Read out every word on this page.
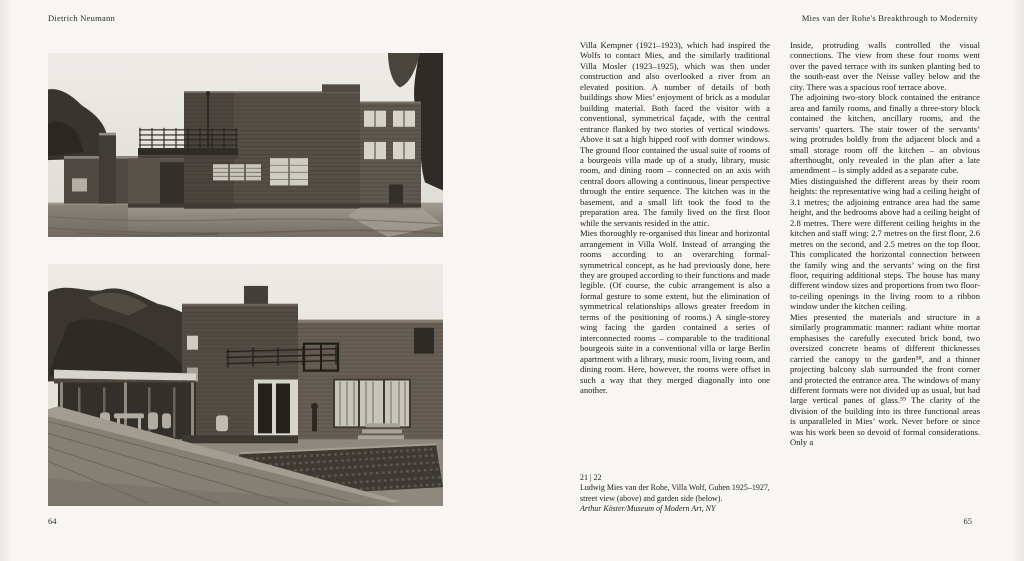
Dietrich Neumann	Mies van der Rohe's Breakthrough to Modernity

Villa Kempner (1921–1923), which had inspired the Wolfs to contact Mies, and the similarly traditional Villa Mosler (1923–1925), which was then under construction and also overlooked a river from an elevated position. A number of details of both buildings show Mies’ enjoyment of brick as a modular building material. Both faced the visitor with a conventional, symmetrical façade, with the central entrance flanked by two stories of vertical windows. Above it sat a high hipped roof with dormer windows. The ground floor contained the usual suite of rooms of a bourgeois villa made up of a study, library, music room, and dining room – connected on an axis with central doors allowing a continuous, linear perspective through the entire sequence. The kitchen was in the basement, and a small lift took the food to the preparation area. The family lived on the first floor while the servants resided in the attic.

Mies thoroughly re-organised this linear and horizontal arrangement in Villa Wolf. Instead of arranging the rooms according to an overarching formal-symmetrical concept, as he had previously done, here they are grouped according to their functions and made legible. (Of course, the cubic arrangement is also a formal gesture to some extent, but the elimination of symmetrical relationships allows greater freedom in terms of the positioning of rooms.) A single-storey wing facing the garden contained a series of interconnected rooms – comparable to the traditional bourgeois suite in a conventional villa or large Berlin apartment with a library, music room, living room, and dining room. Here, however, the rooms were offset in such a way that they merged diagonally into one another.

21 | 22
Ludwig Mies van der Rohe, Villa Wolf, Guben 1925–1927, street view (above) and garden side (below).
Arthur Köster/Museum of Modern Art, NY

Inside, protruding walls controlled the visual connections. The view from these four rooms went over the paved terrace with its sunken planting bed to the south-east over the Neisse valley below and the city. There was a spacious roof terrace above.

The adjoining two-story block contained the entrance area and family rooms, and finally a three-story block contained the kitchen, ancillary rooms, and the servants’ quarters. The stair tower of the servants’ wing protrudes boldly from the adjacent block and a small storage room off the kitchen – an obvious afterthought, only revealed in the plan after a late amendment – is simply added as a separate cube.

Mies distinguished the different areas by their room heights: the representative wing had a ceiling height of 3.1 metres; the adjoining entrance area had the same height, and the bedrooms above had a ceiling height of 2.8 metres. There were different ceiling heights in the kitchen and staff wing: 2.7 metres on the first floor, 2.6 metres on the second, and 2.5 metres on the top floor. This complicated the horizontal connection between the family wing and the servants’ wing on the first floor, requiring additional steps. The house has many different window sizes and proportions from two floor-to-ceiling openings in the living room to a ribbon window under the kitchen ceiling.

Mies presented the materials and structure in a similarly programmatic manner: radiant white mortar emphasises the carefully executed brick bond, two oversized concrete beams of different thicknesses carried the canopy to the garden⁵⁸, and a thinner projecting balcony slab surrounded the front corner and protected the entrance area. The windows of many different formats were not divided up as usual, but had large vertical panes of glass.⁵⁹ The clarity of the division of the building into its three functional areas is unparalleled in Mies’ work. Never before or since was his work been so devoid of formal considerations. Only a

64	65
